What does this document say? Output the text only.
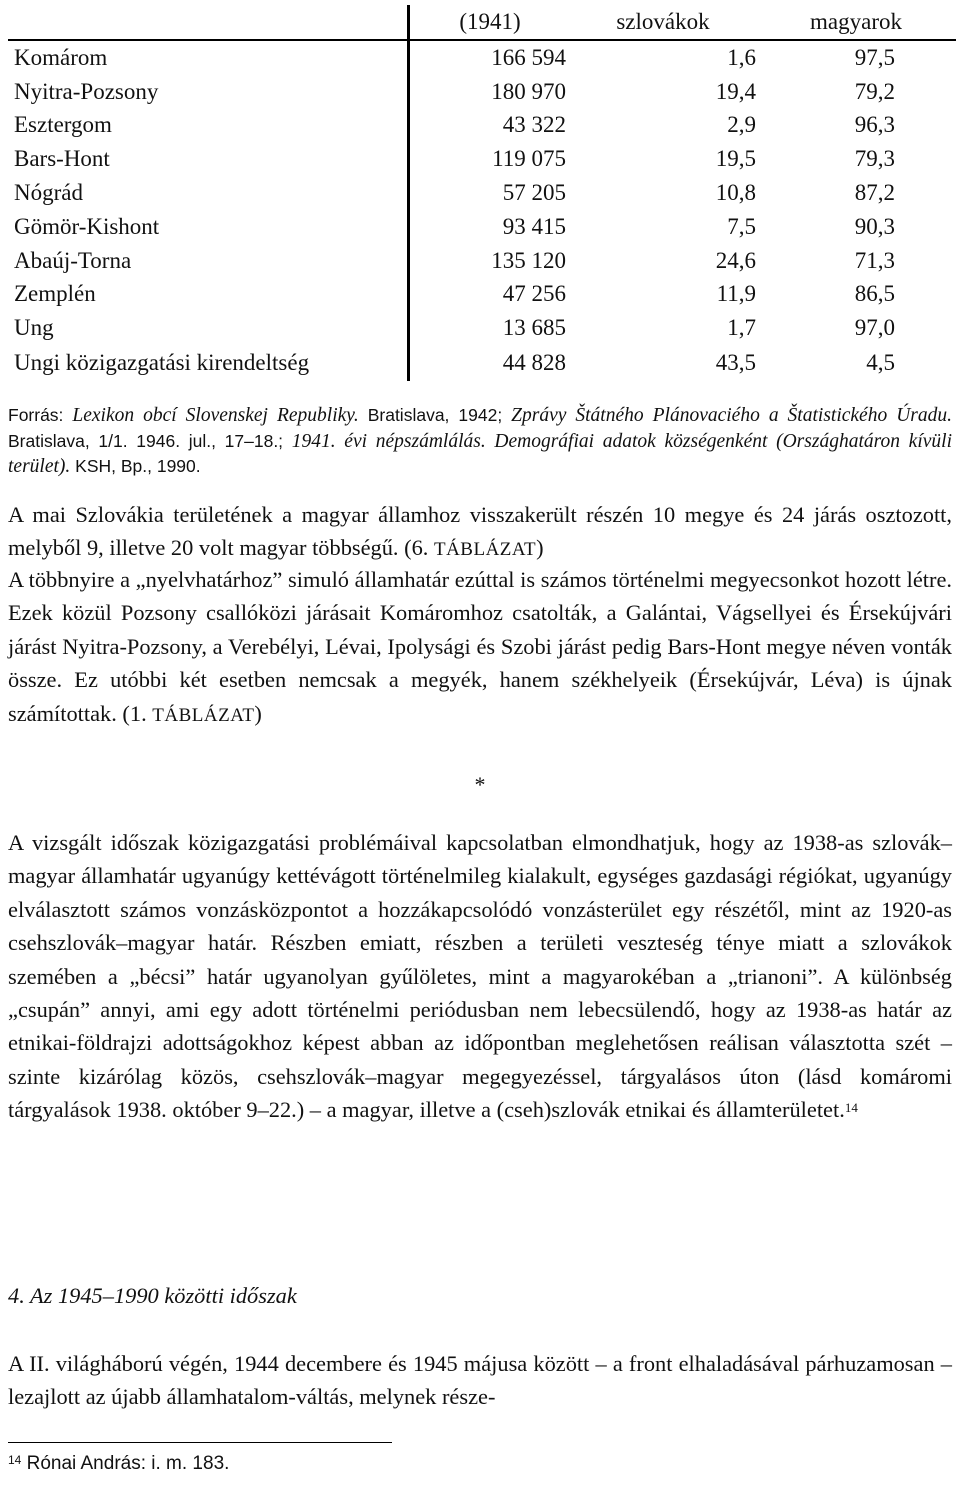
	(1941)	szlovákok	magyarok
Komárom	166 594	1,6	97,5
Nyitra-Pozsony	180 970	19,4	79,2
Esztergom	43 322	2,9	96,3
Bars-Hont	119 075	19,5	79,3
Nógrád	57 205	10,8	87,2
Gömör-Kishont	93 415	7,5	90,3
Abaúj-Torna	135 120	24,6	71,3
Zemplén	47 256	11,9	86,5
Ung	13 685	1,7	97,0
Ungi közigazgatási kirendeltség	44 828	43,5	4,5
Forrás: Lexikon obcí Slovenskej Republiky. Bratislava, 1942; Zprávy Štátného Plánovaciého a Štatistického Úradu. Bratislava, 1/1. 1946. jul., 17–18.; 1941. évi népszámlálás. Demográfiai adatok községenként (Országhatáron kívüli terület). KSH, Bp., 1990.

A mai Szlovákia területének a magyar államhoz visszakerült részén 10 megye és 24 járás osztozott, melyből 9, illetve 20 volt magyar többségű. (6. TÁBLÁZAT)

A többnyire a „nyelvhatárhoz” simuló államhatár ezúttal is számos történelmi megyecsonkot hozott létre. Ezek közül Pozsony csallóközi járásait Komáromhoz csatolták, a Galántai, Vágsellyei és Érsekújvári járást Nyitra-Pozsony, a Verebélyi, Lévai, Ipolysági és Szobi járást pedig Bars-Hont megye néven vonták össze. Ez utóbbi két esetben nemcsak a megyék, hanem székhelyeik (Érsekújvár, Léva) is újnak számítottak. (1. TÁBLÁZAT)

*

A vizsgált időszak közigazgatási problémáival kapcsolatban elmondhatjuk, hogy az 1938-as szlovák–magyar államhatár ugyanúgy kettévágott történelmileg kialakult, egységes gazdasági régiókat, ugyanúgy elválasztott számos vonzásközpontot a hozzákapcsolódó vonzásterület egy részétől, mint az 1920-as csehszlovák–magyar határ. Részben emiatt, részben a területi veszteség ténye miatt a szlovákok szemében a „bécsi” határ ugyanolyan gyűlöletes, mint a magyarokéban a „trianoni”. A különbség „csupán” annyi, ami egy adott történelmi periódusban nem lebecsülendő, hogy az 1938-as határ az etnikai-földrajzi adottságokhoz képest abban az időpontban meglehetősen reálisan választotta szét – szinte kizárólag közös, csehszlovák–magyar megegyezéssel, tárgyalásos úton (lásd komáromi tárgyalások 1938. október 9–22.) – a magyar, illetve a (cseh)szlovák etnikai és államterületet.$^{14}$

4. Az 1945–1990 közötti időszak

A II. világháború végén, 1944 decembere és 1945 májusa között – a front elhaladásával párhuzamosan – lezajlott az újabb államhatalom-váltás, melynek része-

$^{14}$ Rónai András: i. m. 183.
